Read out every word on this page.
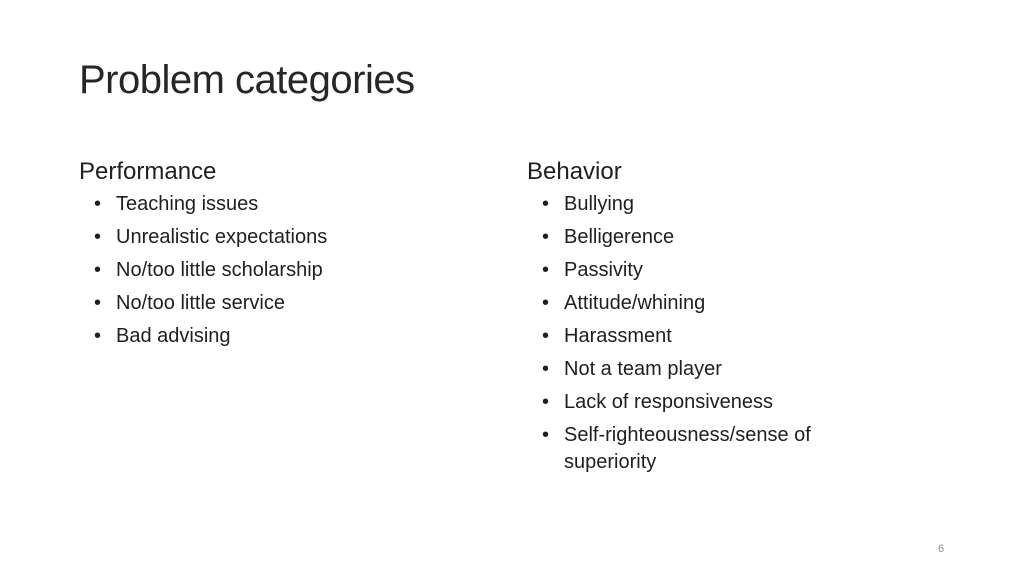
Problem categories
Performance
• Teaching issues
• Unrealistic expectations
• No/too little scholarship
• No/too little service
• Bad advising
Behavior
• Bullying
• Belligerence
• Passivity
• Attitude/whining
• Harassment
• Not a team player
• Lack of responsiveness
• Self-righteousness/sense of superiority
6
